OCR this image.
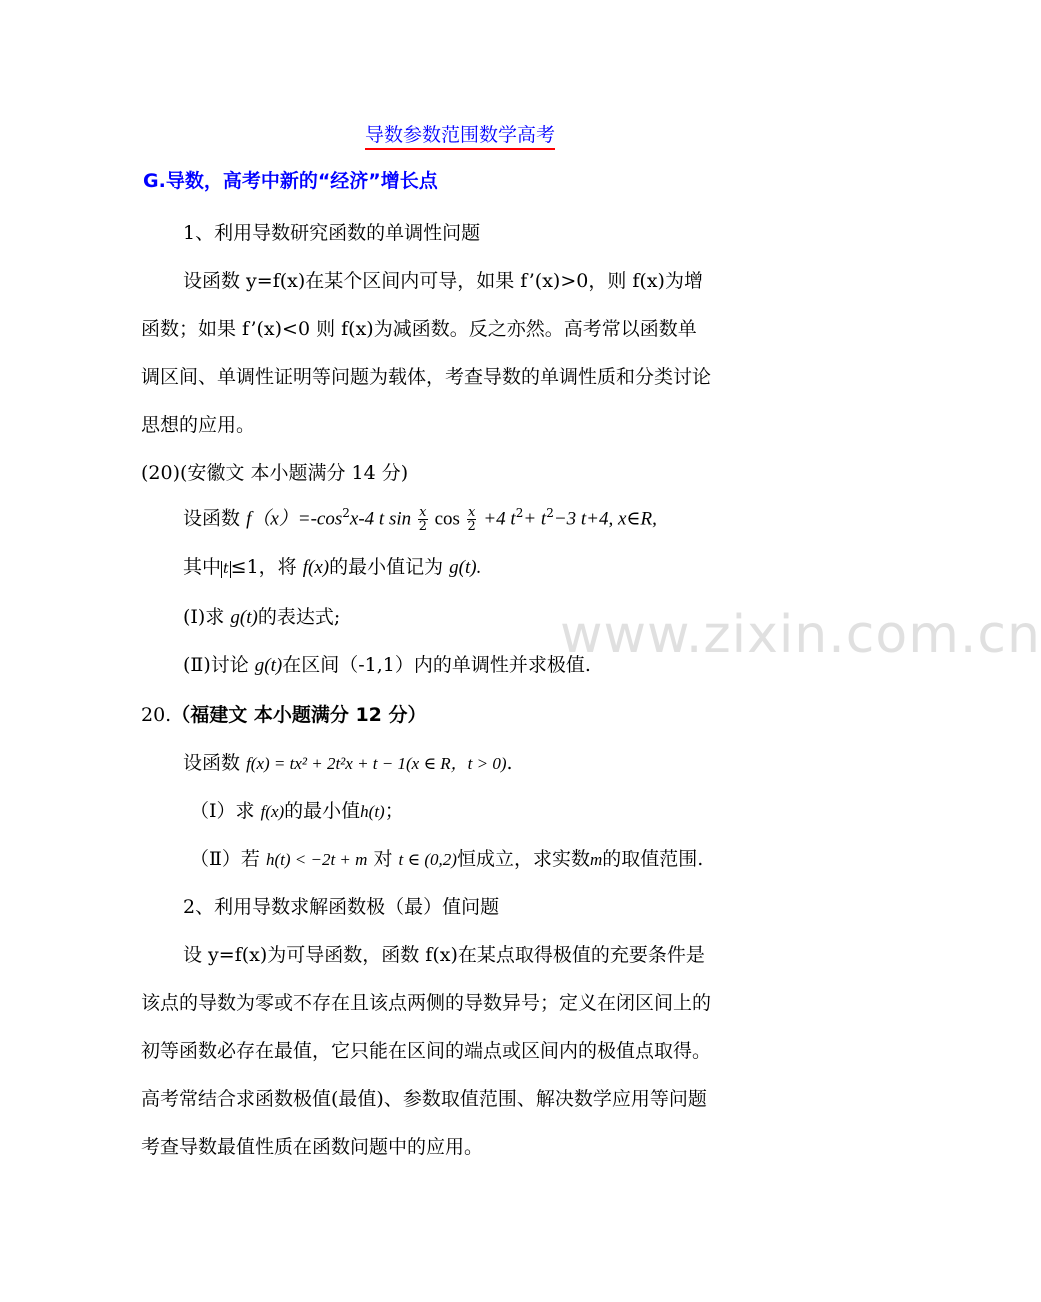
导数参数范围数学高考
G.导数，高考中新的“经济”增长点
1、利用导数研究函数的单调性问题
设函数 y=f(x)在某个区间内可导，如果 f’(x)>0，则 f(x)为增
函数；如果 f’(x)<0 则 f(x)为减函数。反之亦然。高考常以函数单
调区间、单调性证明等问题为载体，考查导数的单调性质和分类讨论
思想的应用。
(20)(安徽文 本小题满分 14 分)
设函数 $f(x)=-\cos^2x-4$ t $\sin \frac{x}{2}$ $\cos \frac{x}{2} +4$ $t^2+ t^2-3$ t+4, x∈R,
其中 t ≤1，将 f(x)的最小值记为 g(t).
(Ⅰ)求 g(t)的表达式;
(Ⅱ)讨论 g(t)在区间（-1,1）内的单调性并求极值.
20.（福建文 本小题满分 12 分）
设函数 f(x) = tx² + 2t²x + t − 1(x ∈ R，t > 0).
（Ⅰ）求 f(x)的最小值h(t)；
（Ⅱ）若 h(t) < −2t + m 对 t ∈ (0,2)恒成立，求实数m的取值范围.
2、利用导数求解函数极（最）值问题
设 y=f(x)为可导函数，函数 f(x)在某点取得极值的充要条件是
该点的导数为零或不存在且该点两侧的导数异号；定义在闭区间上的
初等函数必存在最值，它只能在区间的端点或区间内的极值点取得。
高考常结合求函数极值(最值)、参数取值范围、解决数学应用等问题
考查导数最值性质在函数问题中的应用。
www.zixin.com.cn
